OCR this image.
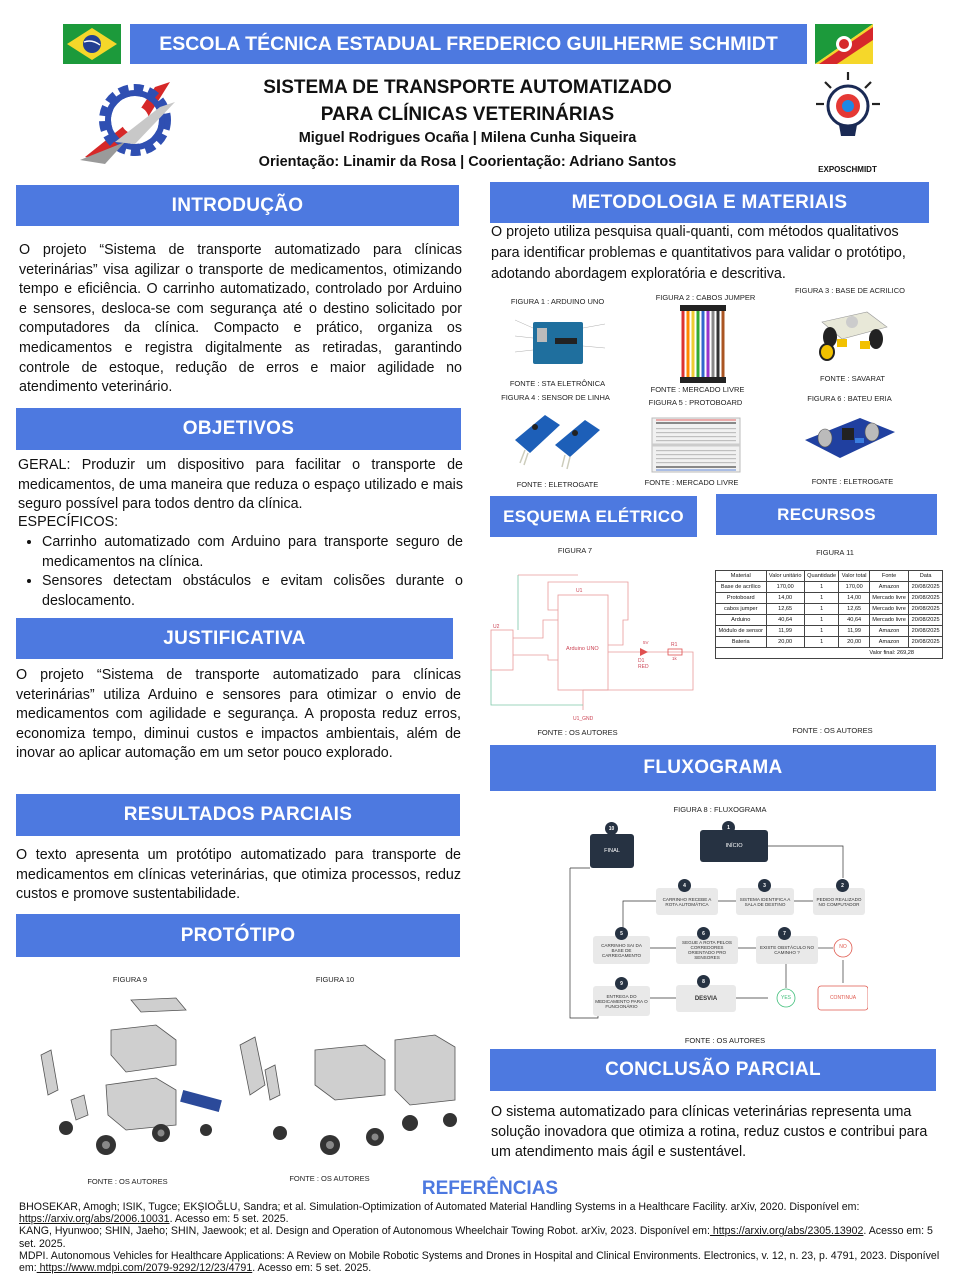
ESCOLA TÉCNICA ESTADUAL FREDERICO GUILHERME SCHMIDT
SISTEMA DE TRANSPORTE AUTOMATIZADO
PARA CLÍNICAS VETERINÁRIAS
Miguel Rodrigues Ocaña | Milena Cunha Siqueira
Orientação: Linamir da Rosa | Coorientação: Adriano Santos	EXPOSCHMIDT
INTRODUÇÃO
O projeto “Sistema de transporte automatizado para clínicas veterinárias” visa agilizar o transporte de medicamentos, otimizando tempo e eficiência. O carrinho automatizado, controlado por Arduino e sensores, desloca-se com segurança até o destino solicitado por computadores da clínica. Compacto e prático, organiza os medicamentos e registra digitalmente as retiradas, garantindo controle de estoque, redução de erros e maior agilidade no atendimento veterinário.
OBJETIVOS
GERAL: Produzir um dispositivo para facilitar o transporte de medicamentos, de uma maneira que reduza o espaço utilizado e mais seguro possível para todos dentro da clínica.
ESPECÍFICOS:
• Carrinho automatizado com Arduino para transporte seguro de medicamentos na clínica.
• Sensores detectam obstáculos e evitam colisões durante o deslocamento.
JUSTIFICATIVA
O projeto “Sistema de transporte automatizado para clínicas veterinárias” utiliza Arduino e sensores para otimizar o envio de medicamentos com agilidade e segurança. A proposta reduz erros, economiza tempo, diminui custos e impactos ambientais, além de inovar ao aplicar automação em um setor pouco explorado.
RESULTADOS PARCIAIS
O texto apresenta um protótipo automatizado para transporte de medicamentos em clínicas veterinárias, que otimiza processos, reduz custos e promove sustentabilidade.
PROTÓTIPO
FIGURA 9	FIGURA 10
FONTE : OS AUTORES	FONTE : OS AUTORES
METODOLOGIA E MATERIAIS
O projeto utiliza pesquisa quali-quanti, com métodos qualitativos para identificar problemas e quantitativos para validar o protótipo, adotando abordagem exploratória e descritiva.
FIGURA 1 : ARDUINO UNO
FONTE : STA ELETRÔNICA
FIGURA 2 : CABOS JUMPER
FONTE : MERCADO LIVRE
FIGURA 3 : BASE DE ACRILICO
FONTE : SAVARAT
FIGURA 4 : SENSOR DE LINHA
FONTE : ELETROGATE
FIGURA 5 : PROTOBOARD
FONTE : MERCADO LIVRE
FIGURA 6 : BATEU ERIA
FONTE : ELETROGATE
ESQUEMA ELÉTRICO
FIGURA 7
U1
U2
Arduino UNO
U1_GND
D1
RED
R1
1k
5V
FONTE : OS AUTORES
RECURSOS
FIGURA 11
Material	Valor unitário	Quantidade	Valor total	Fonte	Data
Base de acrílico	170,00	1	170,00	Amazon	20/08/2025
Protoboard	14,00	1	14,00	Mercado livre	20/08/2025
cabos jumper	12,65	1	12,65	Mercado livre	20/08/2025
Arduino	40,64	1	40,64	Mercado livre	20/08/2025
Módulo de sensor	11,99	1	11,99	Amazon	20/08/2025
Bateria	20,00	1	20,00	Amazon	20/08/2025
Valor final: 269,28					
FONTE : OS AUTORES
FLUXOGRAMA
FIGURA 8 : FLUXOGRAMA
FINAL
10
INÍCIO
1
PEDIDO REALIZADO NO COMPUTADOR
2
SISTEMA IDENTIFICA A SALA DE DESTINO
3
CARRINHO RECEBE A ROTA AUTOMÁTICA
4
CARRINHO SAI DA BASE DE CARREGAMENTO
5
SEGUE A ROTA PELOS CORREDORES ORIENTADO PRO SENSORES
6
EXISTE OBSTÁCULO NO CAMINHO ?
7
DESVIA
8
ENTREGA DO MEDICAMENTO PARA O FUNCIONÁRIO
9
NO
YES	CONTINUA
FONTE : OS AUTORES
CONCLUSÃO PARCIAL
O sistema automatizado para clínicas veterinárias representa uma solução inovadora que otimiza a rotina, reduz custos e contribui para um atendimento mais ágil e sustentável.
REFERÊNCIAS
BHOSEKAR, Amogh; ISIK, Tugce; EKŞIOĞLU, Sandra; et al. Simulation-Optimization of Automated Material Handling Systems in a Healthcare Facility. arXiv, 2020. Disponível em: https://arxiv.org/abs/2006.10031. Acesso em: 5 set. 2025.
KANG, Hyunwoo; SHIN, Jaeho; SHIN, Jaewook; et al. Design and Operation of Autonomous Wheelchair Towing Robot. arXiv, 2023. Disponível em: https://arxiv.org/abs/2305.13902. Acesso em: 5 set. 2025.
MDPI. Autonomous Vehicles for Healthcare Applications: A Review on Mobile Robotic Systems and Drones in Hospital and Clinical Environments. Electronics, v. 12, n. 23, p. 4791, 2023. Disponível em: https://www.mdpi.com/2079-9292/12/23/4791. Acesso em: 5 set. 2025.
